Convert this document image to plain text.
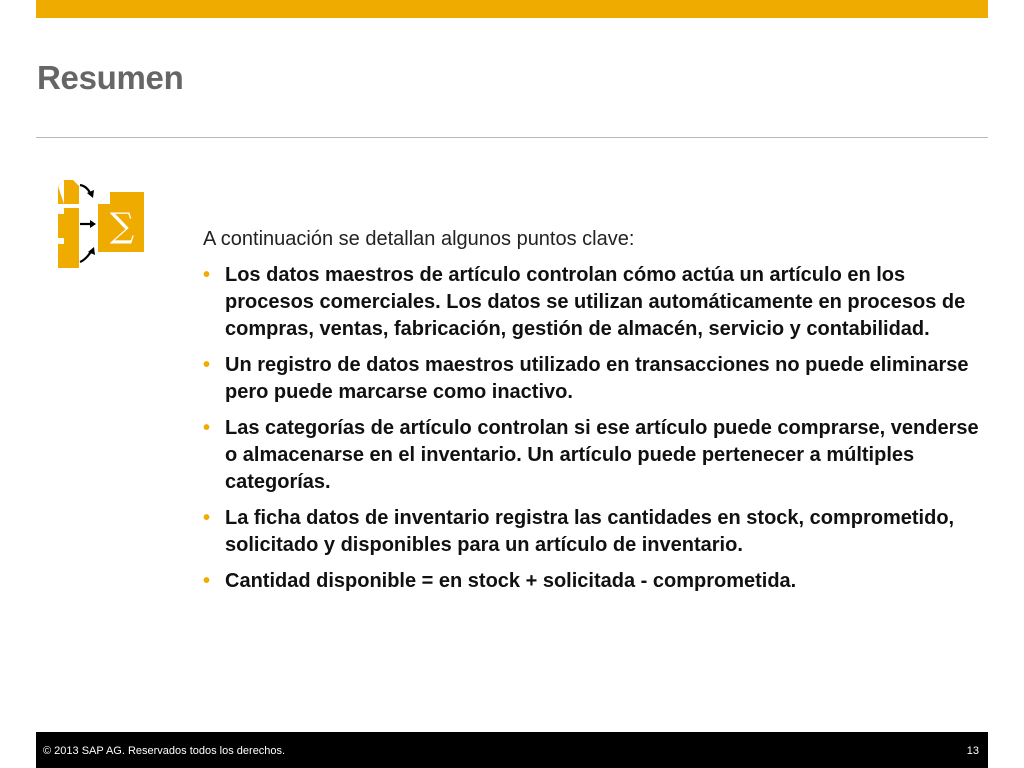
Resumen
∑	A continuación se detallan algunos puntos clave:

• Los datos maestros de artículo controlan cómo actúa un artículo en los procesos comerciales. Los datos se utilizan automáticamente en procesos de compras, ventas, fabricación, gestión de almacén, servicio y contabilidad.
• Un registro de datos maestros utilizado en transacciones no puede eliminarse pero puede marcarse como inactivo.
• Las categorías de artículo controlan si ese artículo puede comprarse, venderse o almacenarse en el inventario. Un artículo puede pertenecer a múltiples categorías.
• La ficha datos de inventario registra las cantidades en stock, comprometido, solicitado y disponibles para un artículo de inventario.
• Cantidad disponible = en stock + solicitada - comprometida.
© 2013 SAP AG. Reservados todos los derechos.	13
